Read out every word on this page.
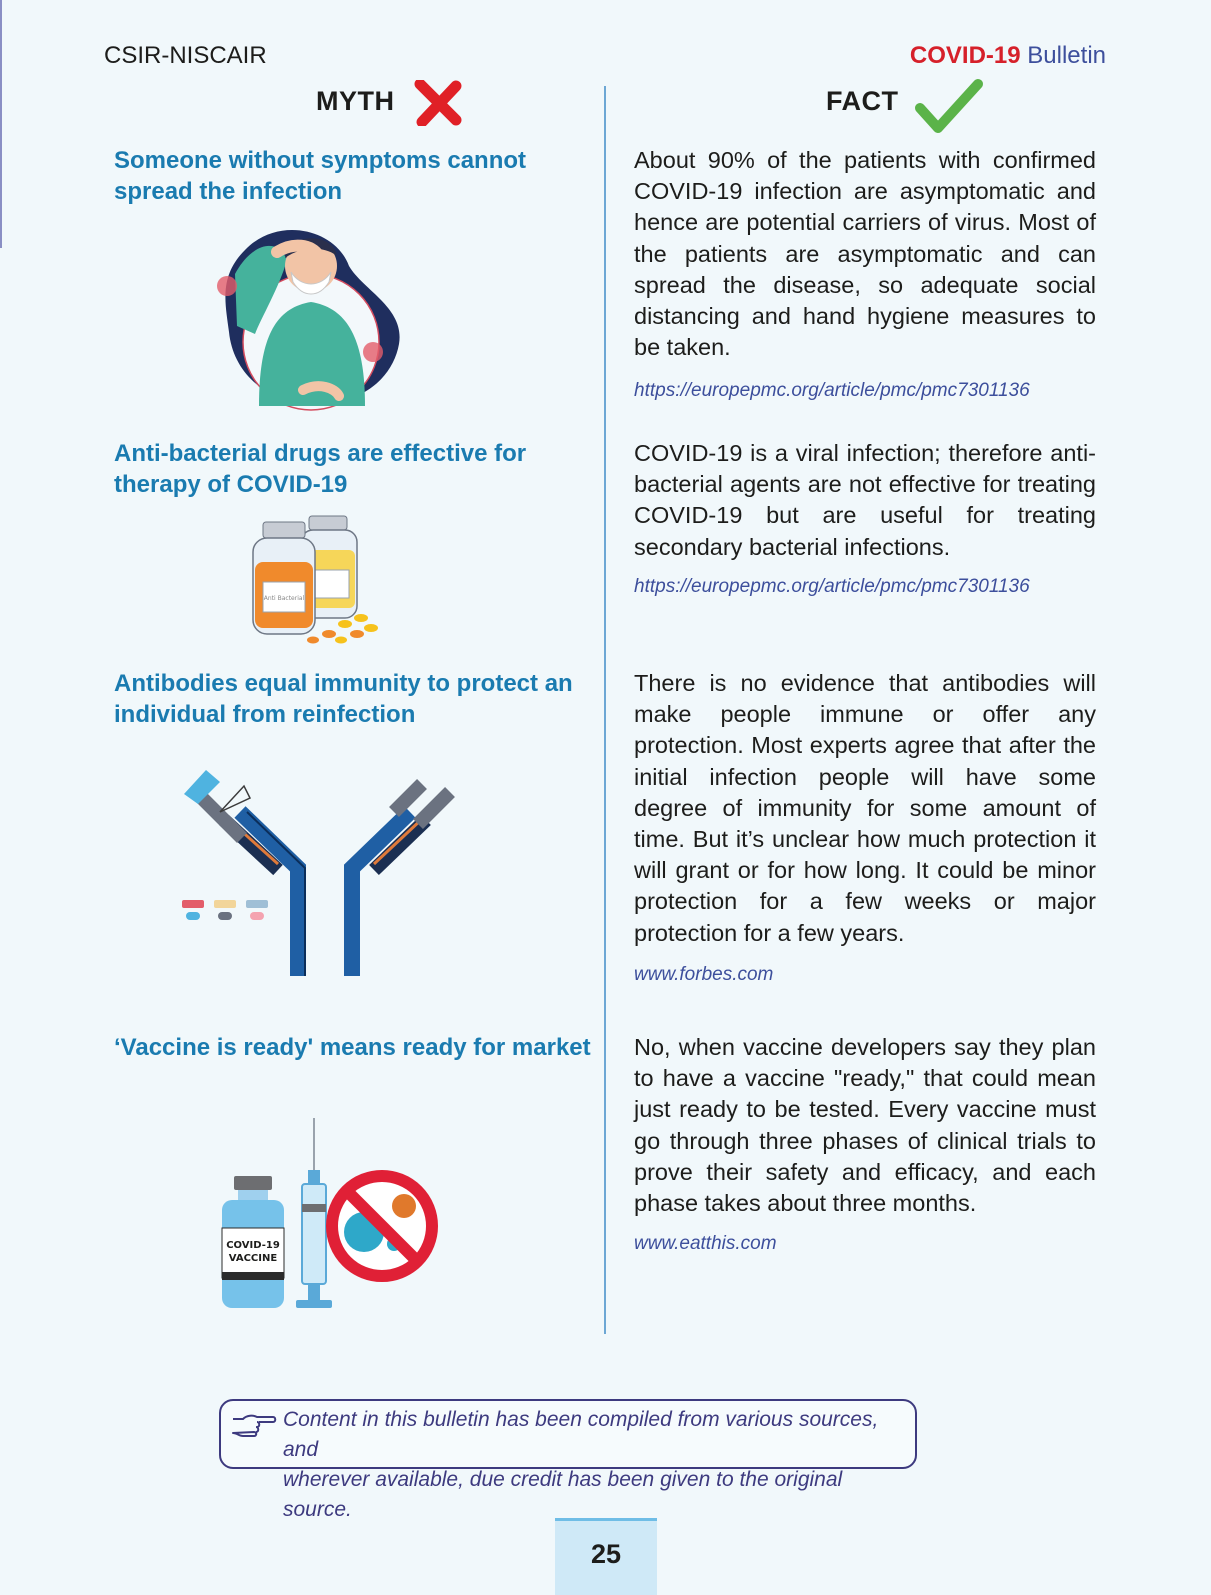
CSIR-NISCAIR	COVID-19 Bulletin
MYTH	FACT
Someone without symptoms cannot spread the infection
About 90% of the patients with confirmed COVID-19 infection are asymptomatic and hence are potential carriers of virus. Most of the patients are asymptomatic and can spread the disease, so adequate social distancing and hand hygiene measures to be taken.
https://europepmc.org/article/pmc/pmc7301136
Anti-bacterial drugs are effective for therapy of COVID-19
Anti Bacterial
COVID-19 is a viral infection; therefore anti-bacterial agents are not effective for treating COVID-19 but are useful for treating secondary bacterial infections.
https://europepmc.org/article/pmc/pmc7301136
Antibodies equal immunity to protect an individual from reinfection
There is no evidence that antibodies will make people immune or offer any protection. Most experts agree that after the initial infection people will have some degree of immunity for some amount of time. But it’s unclear how much protection it will grant or for how long. It could be minor protection for a few weeks or major protection for a few years.
www.forbes.com
‘Vaccine is ready' means ready for market
COVID-19
VACCINE
No, when vaccine developers say they plan to have a vaccine "ready," that could mean just ready to be tested. Every vaccine must go through three phases of clinical trials to prove their safety and efficacy, and each phase takes about three months.
www.eatthis.com
Content in this bulletin has been compiled from various sources, and
wherever available, due credit has been given to the original source.
25
